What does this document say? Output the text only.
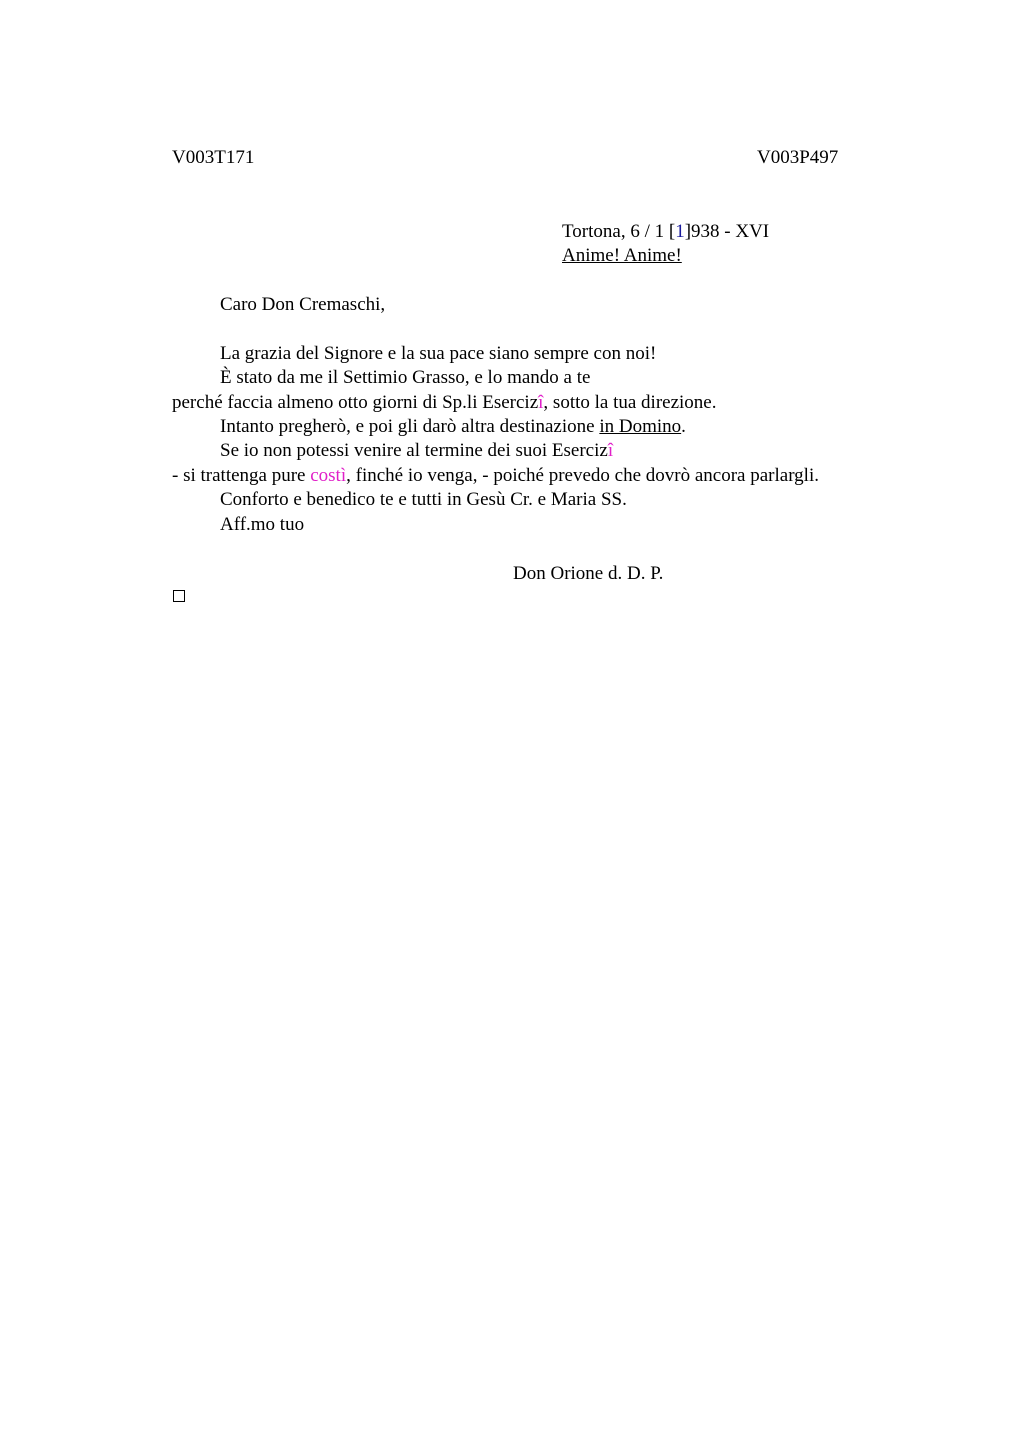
V003T171	V003P497
Tortona, 6 / 1 [1]938 - XVI
Anime! Anime!
Caro Don Cremaschi,
La grazia del Signore e la sua pace siano sempre con noi!
È stato da me il Settimio Grasso, e lo mando a te
perché faccia almeno otto giorni di Sp.li Esercizî, sotto la tua direzione.
Intanto pregherò, e poi gli darò altra destinazione in Domino.
Se io non potessi venire al termine dei suoi Esercizî
- si trattenga pure costì, finché io venga, - poiché prevedo che dovrò ancora parlargli.
Conforto e benedico te e tutti in Gesù Cr. e Maria SS.
Aff.mo tuo
Don Orione d. D. P.
